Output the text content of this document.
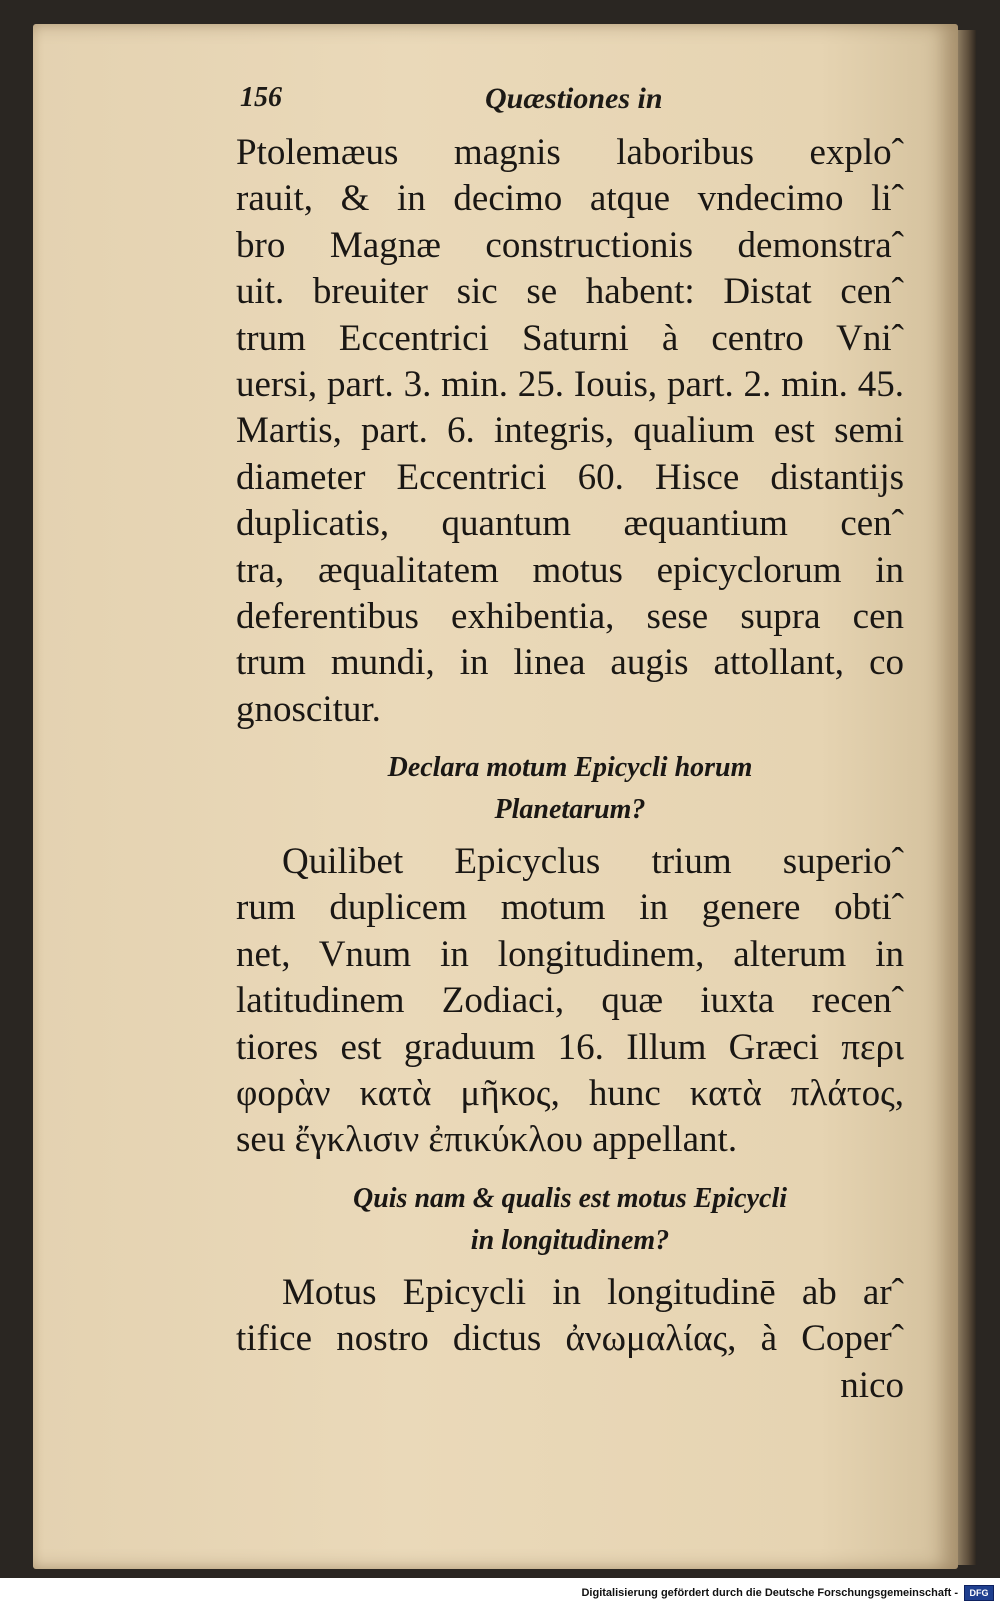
156	Quæstiones in
Ptolemæus magnis laboribus exploˆ
rauit, & in decimo atque vndecimo liˆ
bro Magnæ constructionis demonstraˆ
uit. breuiter sic se habent: Distat cenˆ
trum Eccentrici Saturni à centro Vniˆ
uersi, part. 3. min. 25. Iouis, part. 2. min. 45.
Martis, part. 6. integris, qualium est semi
diameter Eccentrici 60. Hisce distantijs
duplicatis, quantum æquantium cenˆ
tra, æqualitatem motus epicyclorum in
deferentibus exhibentia, sese supra cen
trum mundi, in linea augis attollant, co
gnoscitur.
Declara motum Epicycli horum
Planetarum?
Quilibet Epicyclus trium superioˆ
rum duplicem motum in genere obtiˆ
net, Vnum in longitudinem, alterum in
latitudinem Zodiaci, quæ iuxta recenˆ
tiores est graduum 16. Illum Græci περι
φορὰν κατὰ μῆκος, hunc κατὰ πλάτος,
seu ἔγκλισιν ἐπικύκλου appellant.
Quis nam & qualis est motus Epicycli
in longitudinem?
Motus Epicycli in longitudinē ab arˆ
tifice nostro dictus ἀνωμαλίας, à Coperˆ
nico
Digitalisierung gefördert durch die Deutsche Forschungsgemeinschaft -	DFG
